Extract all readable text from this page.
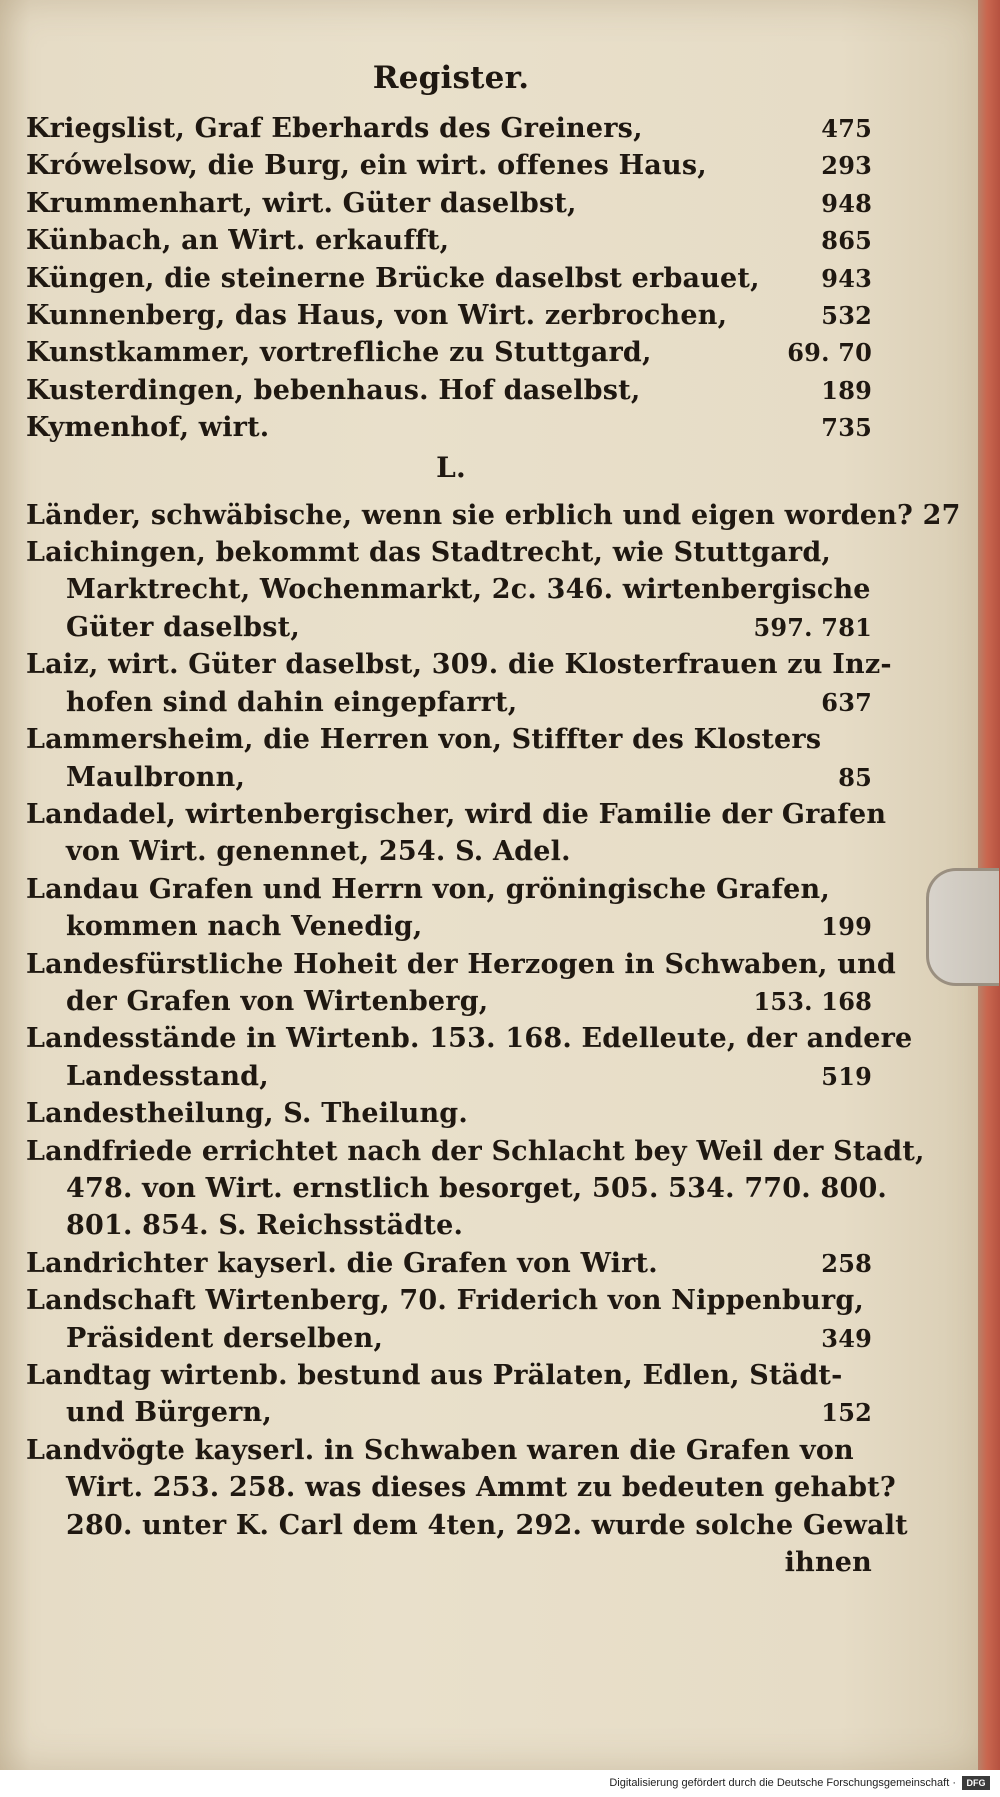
Register.
Kriegslist, Graf Eberhards des Greiners,	475
Krówelsow, die Burg, ein wirt. offenes Haus,	293
Krummenhart, wirt. Güter daselbst,	948
Künbach, an Wirt. erkaufft,	865
Küngen, die steinerne Brücke daselbst erbauet,	943
Kunnenberg, das Haus, von Wirt. zerbrochen,	532
Kunstkammer, vortrefliche zu Stuttgard,	69. 70
Kusterdingen, bebenhaus. Hof daselbst,	189
Kymenhof, wirt.	735
L.
Länder, schwäbische, wenn sie erblich und eigen worden? 27
Laichingen, bekommt das Stadtrecht, wie Stuttgard,
Marktrecht, Wochenmarkt, 2c. 346. wirtenbergische
Güter daselbst,	597. 781
Laiz, wirt. Güter daselbst, 309. die Klosterfrauen zu Inz-
hofen sind dahin eingepfarrt,	637
Lammersheim, die Herren von, Stiffter des Klosters
Maulbronn,	85
Landadel, wirtenbergischer, wird die Familie der Grafen
von Wirt. genennet, 254. S. Adel.
Landau Grafen und Herrn von, gröningische Grafen,
kommen nach Venedig,	199
Landesfürstliche Hoheit der Herzogen in Schwaben, und
der Grafen von Wirtenberg,	153. 168
Landesstände in Wirtenb. 153. 168. Edelleute, der andere
Landesstand,	519
Landestheilung, S. Theilung.
Landfriede errichtet nach der Schlacht bey Weil der Stadt,
478. von Wirt. ernstlich besorget, 505. 534. 770. 800.
801. 854. S. Reichsstädte.
Landrichter kayserl. die Grafen von Wirt.	258
Landschaft Wirtenberg, 70. Friderich von Nippenburg,
Präsident derselben,	349
Landtag wirtenb. bestund aus Prälaten, Edlen, Städt-
und Bürgern,	152
Landvögte kayserl. in Schwaben waren die Grafen von
Wirt. 253. 258. was dieses Ammt zu bedeuten gehabt?
280. unter K. Carl dem 4ten, 292. wurde solche Gewalt
ihnen
Digitalisierung gefördert durch die Deutsche Forschungsgemeinschaft ·	DFG
